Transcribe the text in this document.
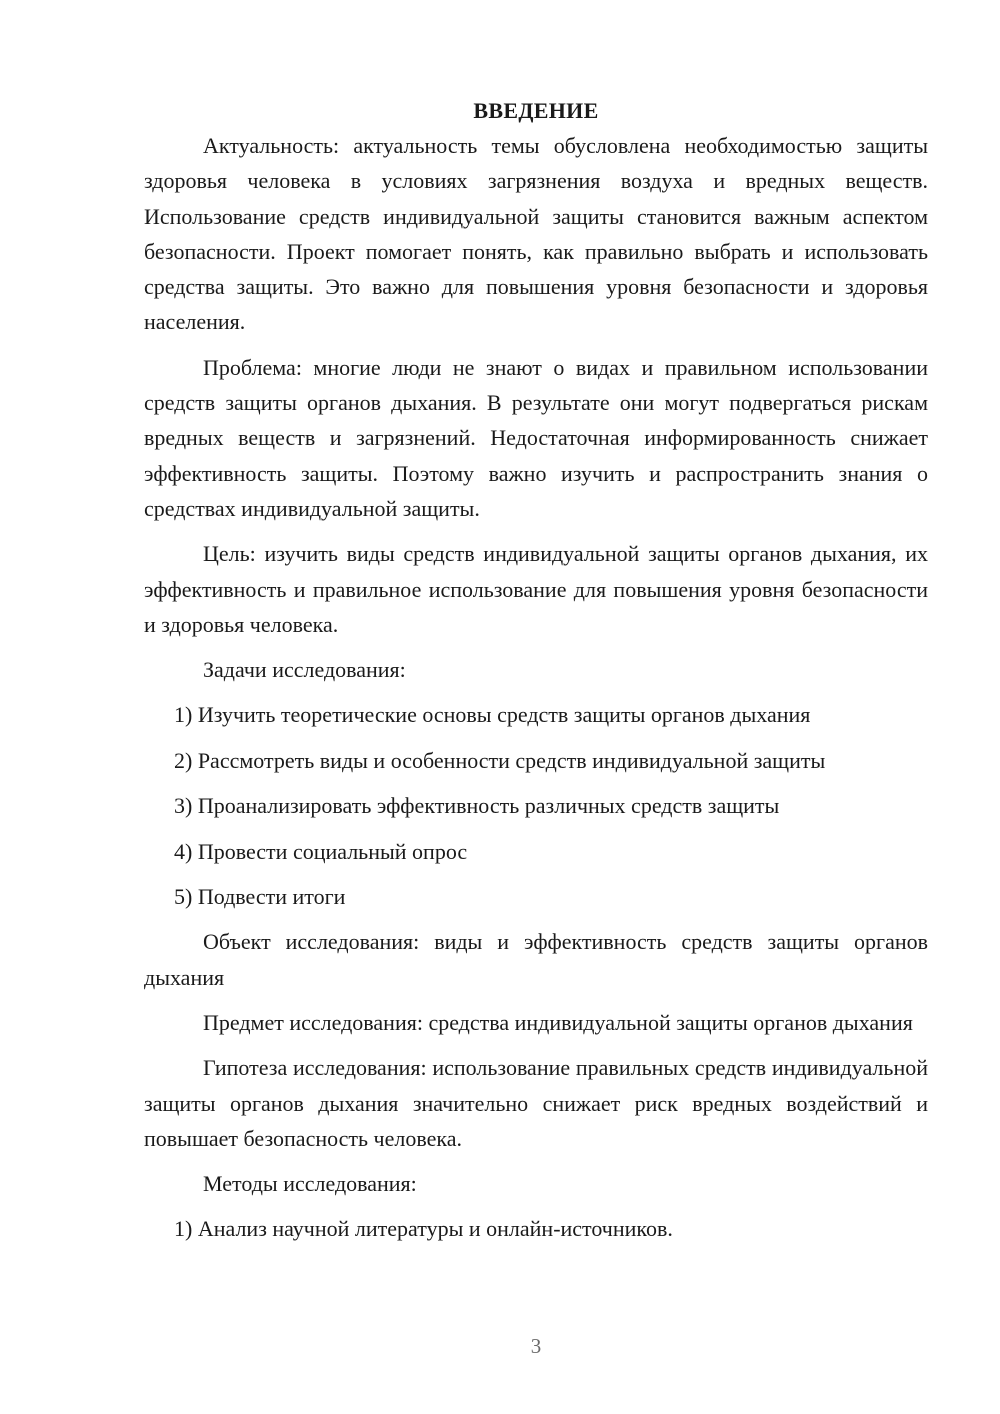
ВВЕДЕНИЕ
Актуальность: актуальность темы обусловлена необходимостью защиты здоровья человека в условиях загрязнения воздуха и вредных веществ. Использование средств индивидуальной защиты становится важным аспектом безопасности. Проект помогает понять, как правильно выбрать и использовать средства защиты. Это важно для повышения уровня безопасности и здоровья населения.
Проблема: многие люди не знают о видах и правильном использовании средств защиты органов дыхания. В результате они могут подвергаться рискам вредных веществ и загрязнений. Недостаточная информированность снижает эффективность защиты. Поэтому важно изучить и распространить знания о средствах индивидуальной защиты.
Цель: изучить виды средств индивидуальной защиты органов дыхания, их эффективность и правильное использование для повышения уровня безопасности и здоровья человека.
Задачи исследования:
1) Изучить теоретические основы средств защиты органов дыхания
2) Рассмотреть виды и особенности средств индивидуальной защиты
3) Проанализировать эффективность различных средств защиты
4) Провести социальный опрос
5) Подвести итоги
Объект исследования: виды и эффективность средств защиты органов дыхания
Предмет исследования: средства индивидуальной защиты органов дыхания
Гипотеза исследования: использование правильных средств индивидуальной защиты органов дыхания значительно снижает риск вредных воздействий и повышает безопасность человека.
Методы исследования:
1) Анализ научной литературы и онлайн-источников.
3
